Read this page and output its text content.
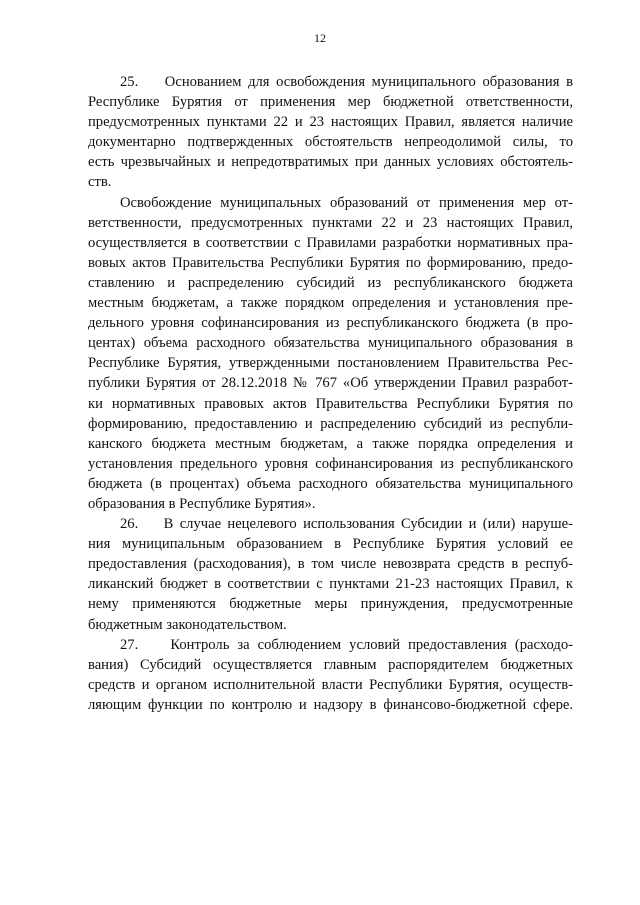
12
25.    Основанием для освобождения муниципального образования в
Республике Бурятия от применения мер бюджетной ответственности,
предусмотренных пунктами 22 и 23 настоящих Правил, является наличие
документарно подтвержденных обстоятельств непреодолимой силы, то
есть чрезвычайных и непредотвратимых при данных условиях обстоятель-
ств.
Освобождение муниципальных образований от применения мер от-
ветственности, предусмотренных пунктами 22 и 23 настоящих Правил,
осуществляется в соответствии с Правилами разработки нормативных пра-
вовых актов Правительства Республики Бурятия по формированию, предо-
ставлению и распределению субсидий из республиканского бюджета
местным бюджетам, а также порядком определения и установления пре-
дельного уровня софинансирования из республиканского бюджета (в про-
центах) объема расходного обязательства муниципального образования в
Республике Бурятия, утвержденными постановлением Правительства Рес-
публики Бурятия от 28.12.2018 № 767 «Об утверждении Правил разработ-
ки нормативных правовых актов Правительства Республики Бурятия по
формированию, предоставлению и распределению субсидий из республи-
канского бюджета местным бюджетам, а также порядка определения и
установления предельного уровня софинансирования из республиканского
бюджета (в процентах) объема расходного обязательства муниципального
образования в Республике Бурятия».
26.    В случае нецелевого использования Субсидии и (или) наруше-
ния муниципальным образованием в Республике Бурятия условий ее
предоставления (расходования), в том числе невозврата средств в респуб-
ликанский бюджет в соответствии с пунктами 21-23 настоящих Правил, к
нему применяются бюджетные меры принуждения, предусмотренные
бюджетным законодательством.
27.    Контроль за соблюдением условий предоставления (расходо-
вания) Субсидий осуществляется главным распорядителем бюджетных
средств и органом исполнительной власти Республики Бурятия, осуществ-
ляющим функции по контролю и надзору в финансово-бюджетной сфере.
